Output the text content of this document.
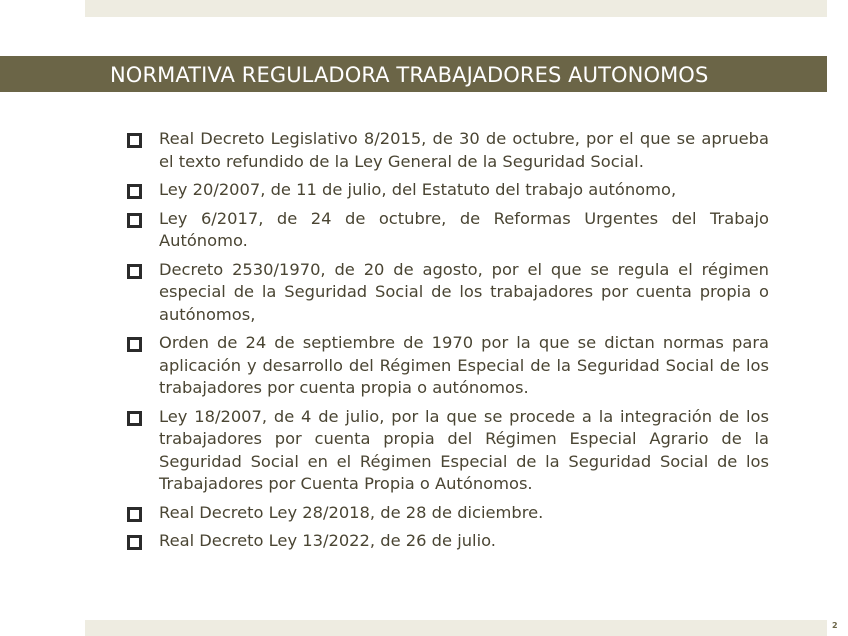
NORMATIVA REGULADORA TRABAJADORES AUTONOMOS
Real Decreto Legislativo 8/2015, de 30 de octubre, por el que se aprueba el texto refundido de la Ley General de la Seguridad Social.
Ley 20/2007, de 11 de julio, del Estatuto del trabajo autónomo,
Ley 6/2017, de 24 de octubre, de Reformas Urgentes del Trabajo Autónomo.
Decreto 2530/1970, de 20 de agosto, por el que se regula el régimen especial de la Seguridad Social de los trabajadores por cuenta propia o autónomos,
Orden de 24 de septiembre de 1970 por la que se dictan normas para aplicación y desarrollo del Régimen Especial de la Seguridad Social de los trabajadores por cuenta propia o autónomos.
Ley 18/2007, de 4 de julio, por la que se procede a la integración de los trabajadores por cuenta propia del Régimen Especial Agrario de la Seguridad Social en el Régimen Especial de la Seguridad Social de los Trabajadores por Cuenta Propia o Autónomos.
Real Decreto Ley 28/2018, de 28 de diciembre.
Real Decreto Ley 13/2022, de 26 de julio.
2
